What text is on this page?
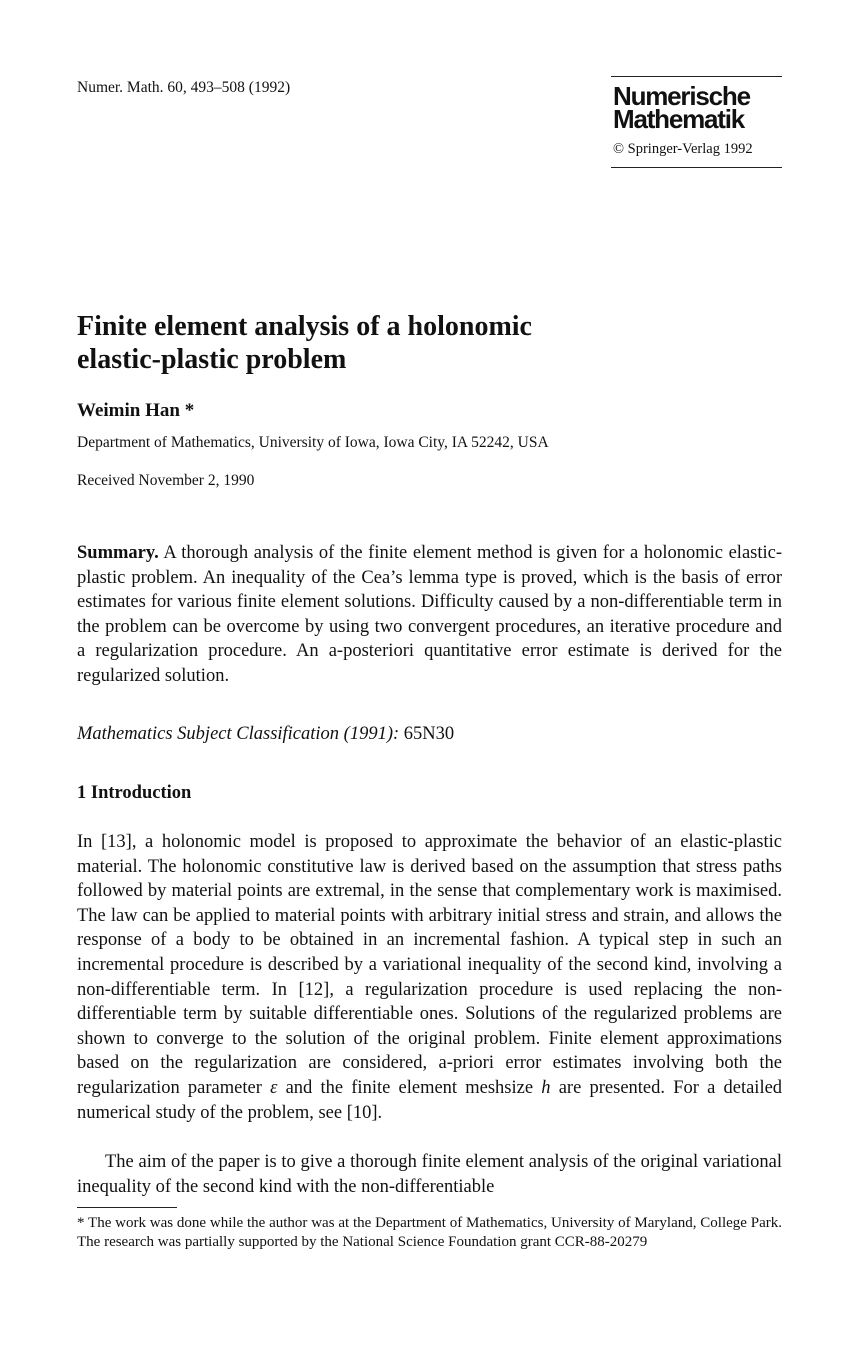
Numer. Math. 60, 493–508 (1992)	Numerische
Mathematik
© Springer-Verlag 1992
Finite element analysis of a holonomic
elastic-plastic problem
Weimin Han *
Department of Mathematics, University of Iowa, Iowa City, IA 52242, USA
Received November 2, 1990
Summary. A thorough analysis of the finite element method is given for a holonomic elastic-plastic problem. An inequality of the Cea’s lemma type is proved, which is the basis of error estimates for various finite element solutions. Difficulty caused by a non-differentiable term in the problem can be overcome by using two convergent procedures, an iterative procedure and a regularization procedure. An a-posteriori quantitative error estimate is derived for the regularized solution.
Mathematics Subject Classification (1991): 65N30
1 Introduction
In [13], a holonomic model is proposed to approximate the behavior of an elastic-plastic material. The holonomic constitutive law is derived based on the assumption that stress paths followed by material points are extremal, in the sense that complementary work is maximised. The law can be applied to material points with arbitrary initial stress and strain, and allows the response of a body to be obtained in an incremental fashion. A typical step in such an incremental procedure is described by a variational inequality of the second kind, involving a non-differentiable term. In [12], a regularization procedure is used replacing the non-differentiable term by suitable differentiable ones. Solutions of the regularized problems are shown to converge to the solution of the original problem. Finite element approximations based on the regularization are considered, a-priori error estimates involving both the regularization parameter ε and the finite element meshsize h are presented. For a detailed numerical study of the problem, see [10].
The aim of the paper is to give a thorough finite element analysis of the original variational inequality of the second kind with the non-differentiable
* The work was done while the author was at the Department of Mathematics, University of Maryland, College Park. The research was partially supported by the National Science Foundation grant CCR-88-20279
